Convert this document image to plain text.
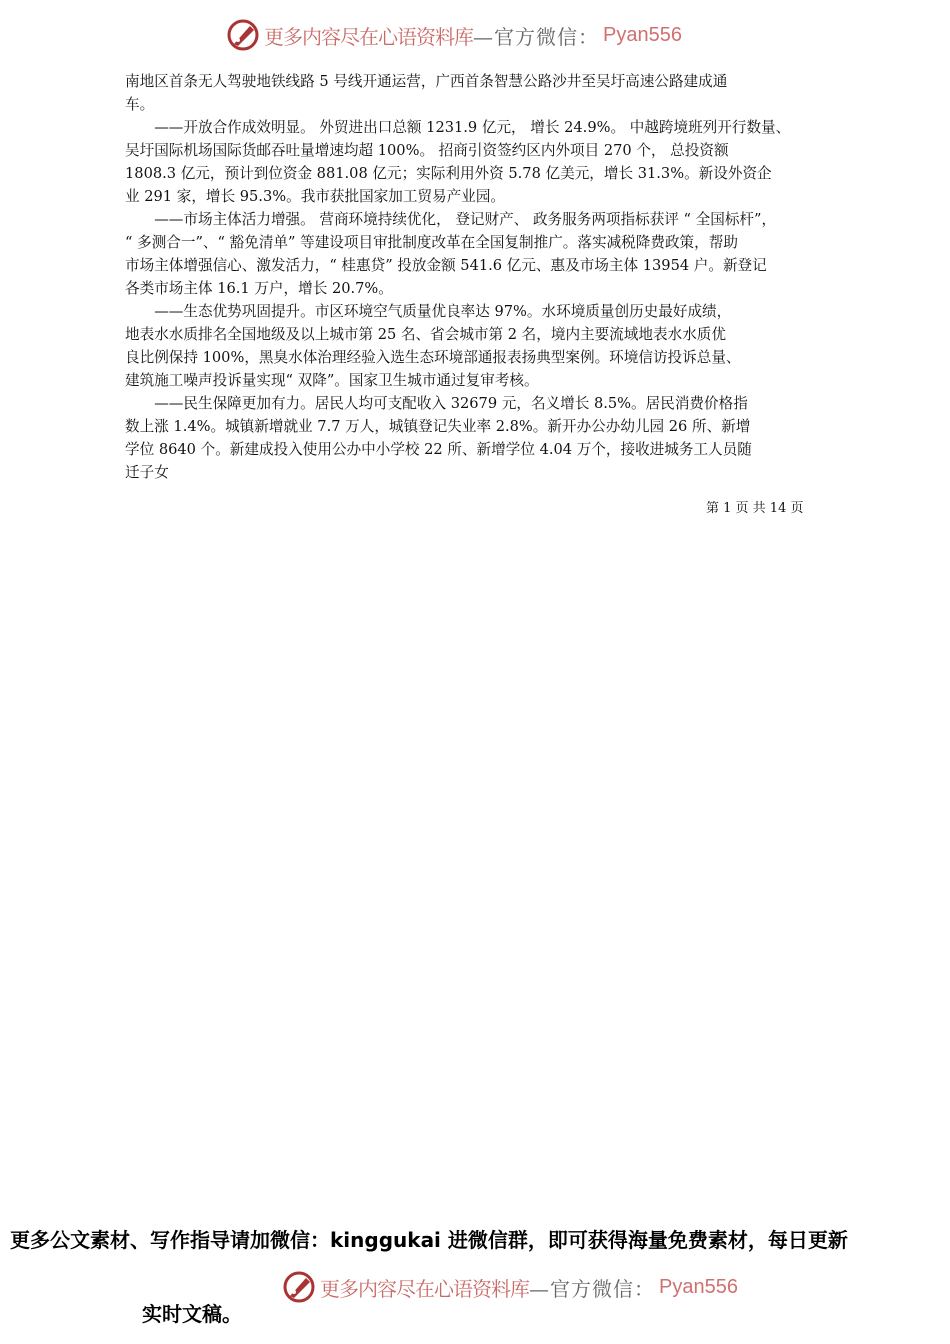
更多内容尽在心语资料库 —官方微信： Pyan556
南地区首条无人驾驶地铁线路 5 号线开通运营，广西首条智慧公路沙井至吴圩高速公路建成通
车。
　　——开放合作成效明显。 外贸进出口总额 1231.9 亿元， 增长 24.9%。 中越跨境班列开行数量、
吴圩国际机场国际货邮吞吐量增速均超 100%。 招商引资签约区内外项目 270 个， 总投资额
1808.3 亿元，预计到位资金 881.08 亿元；实际利用外资 5.78 亿美元，增长 31.3%。新设外资企
业 291 家，增长 95.3%。我市获批国家加工贸易产业园。
　　——市场主体活力增强。 营商环境持续优化， 登记财产、 政务服务两项指标获评 “ 全国标杆”，
“ 多测合一”、“ 豁免清单” 等建设项目审批制度改革在全国复制推广。落实减税降费政策，帮助
市场主体增强信心、激发活力，“ 桂惠贷” 投放金额 541.6 亿元、惠及市场主体 13954 户。新登记
各类市场主体 16.1 万户，增长 20.7%。
　　——生态优势巩固提升。市区环境空气质量优良率达 97%。水环境质量创历史最好成绩，
地表水水质排名全国地级及以上城市第 25 名、省会城市第 2 名，境内主要流域地表水水质优
良比例保持 100%，黑臭水体治理经验入选生态环境部通报表扬典型案例。环境信访投诉总量、
建筑施工噪声投诉量实现“ 双降”。国家卫生城市通过复审考核。
　　——民生保障更加有力。居民人均可支配收入 32679 元，名义增长 8.5%。居民消费价格指
数上涨 1.4%。城镇新增就业 7.7 万人，城镇登记失业率 2.8%。新开办公办幼儿园 26 所、新增
学位 8640 个。新建成投入使用公办中小学校 22 所、新增学位 4.04 万个，接收进城务工人员随
迁子女
第 1 页 共 14 页
更多公文素材、写作指导请加微信：kinggukai 进微信群，即可获得海量免费素材，每日更新
更多内容尽在心语资料库 —官方微信： Pyan556
实时文稿。
